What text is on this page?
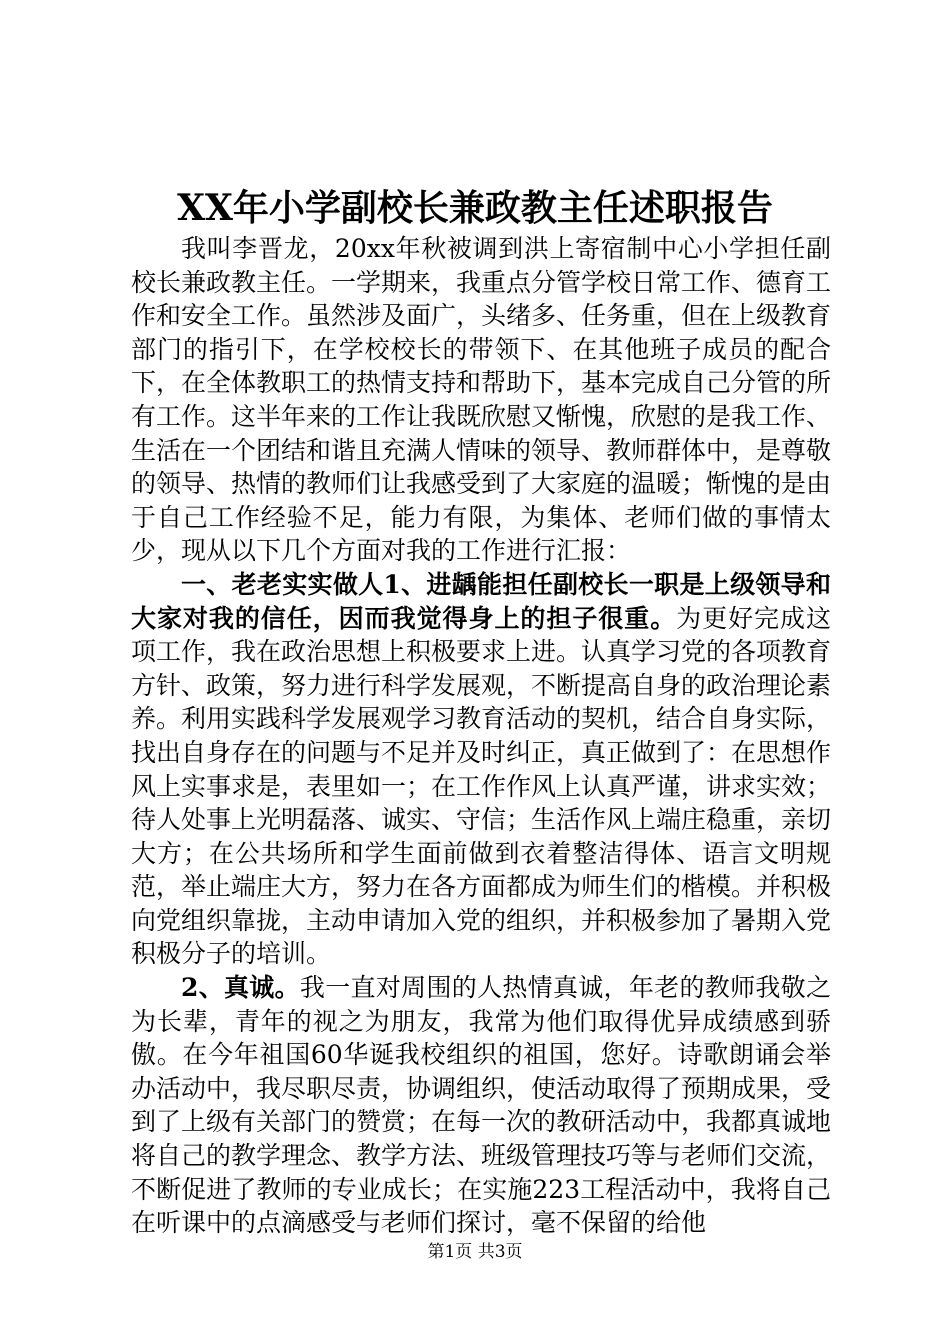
XX年小学副校长兼政教主任述职报告

我叫李晋龙，20xx年秋被调到洪上寄宿制中心小学担任副校长兼政教主任。一学期来，我重点分管学校日常工作、德育工作和安全工作。虽然涉及面广，头绪多、任务重，但在上级教育部门的指引下，在学校校长的带领下、在其他班子成员的配合下，在全体教职工的热情支持和帮助下，基本完成自己分管的所有工作。这半年来的工作让我既欣慰又惭愧，欣慰的是我工作、生活在一个团结和谐且充满人情味的领导、教师群体中，是尊敬的领导、热情的教师们让我感受到了大家庭的温暖；惭愧的是由于自己工作经验不足，能力有限，为集体、老师们做的事情太少，现从以下几个方面对我的工作进行汇报：

一、老老实实做人1、进龋能担任副校长一职是上级领导和大家对我的信任，因而我觉得身上的担子很重。为更好完成这项工作，我在政治思想上积极要求上进。认真学习党的各项教育方针、政策，努力进行科学发展观，不断提高自身的政治理论素养。利用实践科学发展观学习教育活动的契机，结合自身实际，找出自身存在的问题与不足并及时纠正，真正做到了：在思想作风上实事求是，表里如一；在工作作风上认真严谨，讲求实效；待人处事上光明磊落、诚实、守信；生活作风上端庄稳重，亲切大方；在公共场所和学生面前做到衣着整洁得体、语言文明规范，举止端庄大方，努力在各方面都成为师生们的楷模。并积极向党组织靠拢，主动申请加入党的组织，并积极参加了暑期入党积极分子的培训。

2、真诚。我一直对周围的人热情真诚，年老的教师我敬之为长辈，青年的视之为朋友，我常为他们取得优异成绩感到骄傲。在今年祖国60华诞我校组织的祖国，您好。诗歌朗诵会举办活动中，我尽职尽责，协调组织，使活动取得了预期成果，受到了上级有关部门的赞赏；在每一次的教研活动中，我都真诚地将自己的教学理念、教学方法、班级管理技巧等与老师们交流，不断促进了教师的专业成长；在实施223工程活动中，我将自己在听课中的点滴感受与老师们探讨，毫不保留的给他

第1页 共3页
